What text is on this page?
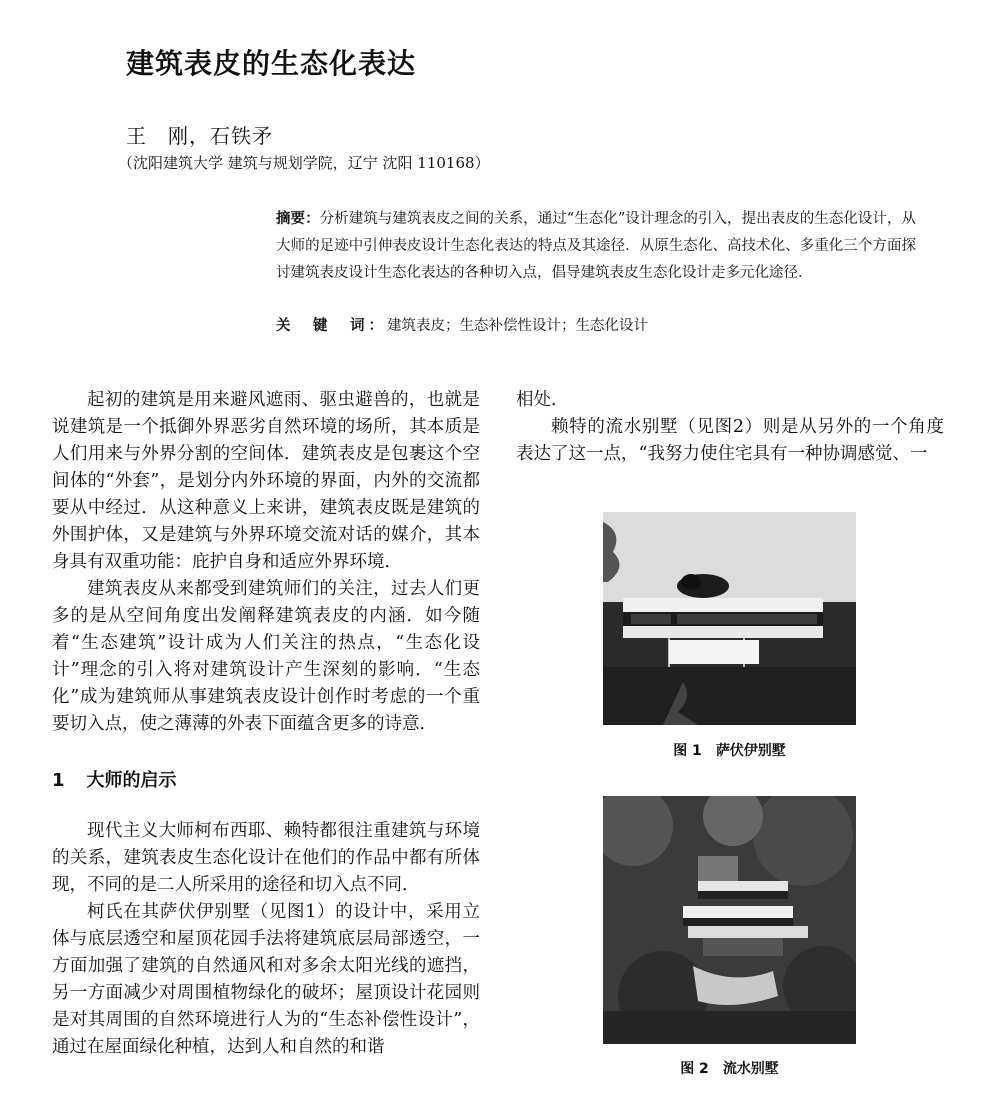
建筑表皮的生态化表达
王　刚，石铁矛
（沈阳建筑大学 建筑与规划学院，辽宁 沈阳 110168）

摘要：分析建筑与建筑表皮之间的关系，通过“生态化”设计理念的引入，提出表皮的生态化设计，从大师的足迹中引伸表皮设计生态化表达的特点及其途径．从原生态化、高技术化、多重化三个方面探讨建筑表皮设计生态化表达的各种切入点，倡导建筑表皮生态化设计走多元化途径．

关　键　词：建筑表皮；生态补偿性设计；生态化设计

起初的建筑是用来避风遮雨、驱虫避兽的，也就是说建筑是一个抵御外界恶劣自然环境的场所，其本质是人们用来与外界分割的空间体．建筑表皮是包裹这个空间体的“外套”，是划分内外环境的界面，内外的交流都要从中经过．从这种意义上来讲，建筑表皮既是建筑的外围护体，又是建筑与外界环境交流对话的媒介，其本身具有双重功能：庇护自身和适应外界环境．

建筑表皮从来都受到建筑师们的关注，过去人们更多的是从空间角度出发阐释建筑表皮的内涵．如今随着“生态建筑”设计成为人们关注的热点，“生态化设计”理念的引入将对建筑设计产生深刻的影响．“生态化”成为建筑师从事建筑表皮设计创作时考虑的一个重要切入点，使之薄薄的外表下面蕴含更多的诗意．

1 大师的启示

现代主义大师柯布西耶、赖特都很注重建筑与环境的关系，建筑表皮生态化设计在他们的作品中都有所体现，不同的是二人所采用的途径和切入点不同．

柯氏在其萨伏伊别墅（见图1）的设计中，采用立体与底层透空和屋顶花园手法将建筑底层局部透空，一方面加强了建筑的自然通风和对多余太阳光线的遮挡，另一方面减少对周围植物绿化的破坏；屋顶设计花园则是对其周围的自然环境进行人为的“生态补偿性设计”，通过在屋面绿化种植，达到人和自然的和谐

相处．

赖特的流水别墅（见图2）则是从另外的一个角度表达了这一点，“我努力使住宅具有一种协调感觉、一

图 1 萨伏伊别墅
图 2 流水别墅
